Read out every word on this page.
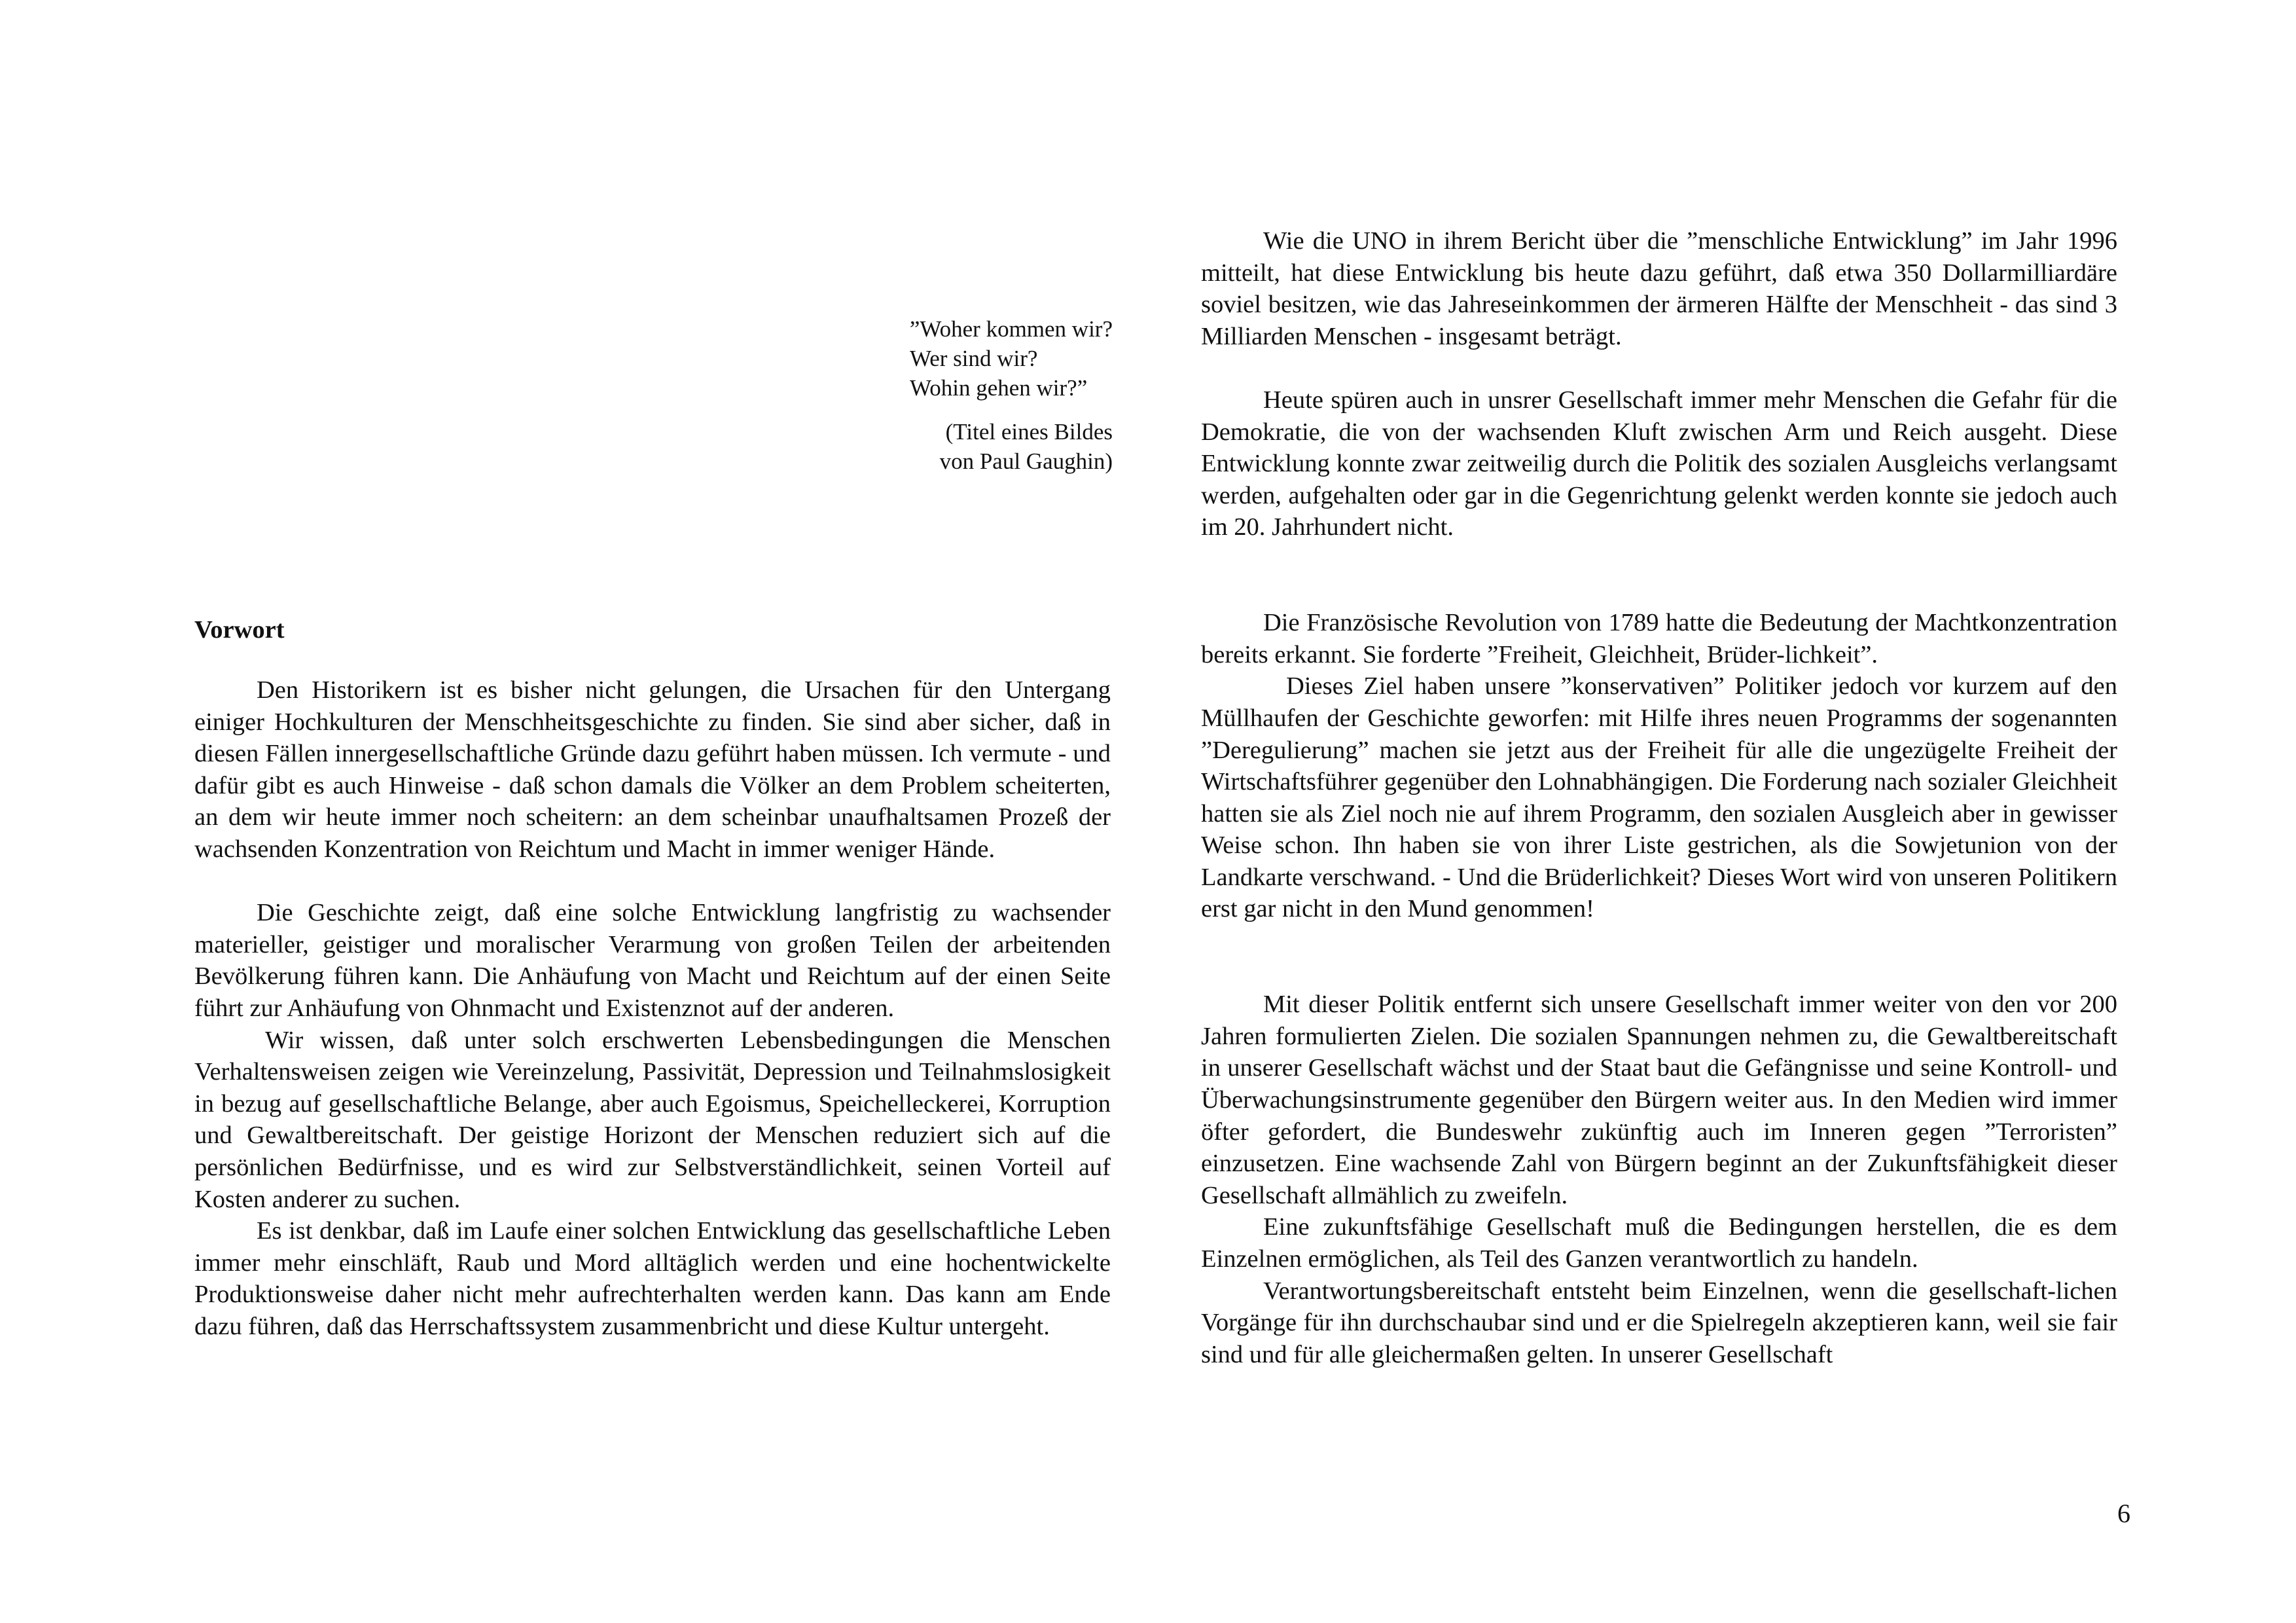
”Woher kommen wir?
Wer sind wir?
Wohin gehen wir?”
(Titel eines Bildes
von Paul Gaughin)
Vorwort

Den Historikern ist es bisher nicht gelungen, die Ursachen für den Untergang einiger Hochkulturen der Menschheitsgeschichte zu finden. Sie sind aber sicher, daß in diesen Fällen innergesellschaftliche Gründe dazu geführt haben müssen. Ich vermute - und dafür gibt es auch Hinweise - daß schon damals die Völker an dem Problem scheiterten, an dem wir heute immer noch scheitern: an dem scheinbar unaufhaltsamen Prozeß der wachsenden Konzentration von Reichtum und Macht in immer weniger Hände.

Die Geschichte zeigt, daß eine solche Entwicklung langfristig zu wachsender materieller, geistiger und moralischer Verarmung von großen Teilen der arbeitenden Bevölkerung führen kann. Die Anhäufung von Macht und Reichtum auf der einen Seite führt zur Anhäufung von Ohnmacht und Existenznot auf der anderen.

Wir wissen, daß unter solch erschwerten Lebensbedingungen die Menschen Verhaltensweisen zeigen wie Vereinzelung, Passivität, Depression und Teilnahmslosigkeit in bezug auf gesellschaftliche Belange, aber auch Egoismus, Speichelleckerei, Korruption und Gewaltbereitschaft. Der geistige Horizont der Menschen reduziert sich auf die persönlichen Bedürfnisse, und es wird zur Selbstverständlichkeit, seinen Vorteil auf Kosten anderer zu suchen.

Es ist denkbar, daß im Laufe einer solchen Entwicklung das gesellschaftliche Leben immer mehr einschläft, Raub und Mord alltäglich werden und eine hochentwickelte Produktionsweise daher nicht mehr aufrechterhalten werden kann. Das kann am Ende dazu führen, daß das Herrschaftssystem zusammenbricht und diese Kultur untergeht.

Wie die UNO in ihrem Bericht über die ”menschliche Entwicklung” im Jahr 1996 mitteilt, hat diese Entwicklung bis heute dazu geführt, daß etwa 350 Dollarmilliardäre soviel besitzen, wie das Jahreseinkommen der ärmeren Hälfte der Menschheit - das sind 3 Milliarden Menschen - insgesamt beträgt.

Heute spüren auch in unsrer Gesellschaft immer mehr Menschen die Gefahr für die Demokratie, die von der wachsenden Kluft zwischen Arm und Reich ausgeht. Diese Entwicklung konnte zwar zeitweilig durch die Politik des sozialen Ausgleichs verlangsamt werden, aufgehalten oder gar in die Gegenrichtung gelenkt werden konnte sie jedoch auch im 20. Jahrhundert nicht.

Die Französische Revolution von 1789 hatte die Bedeutung der Machtkonzentration bereits erkannt. Sie forderte ”Freiheit, Gleichheit, Brüder-lichkeit”.

Dieses Ziel haben unsere ”konservativen” Politiker jedoch vor kurzem auf den Müllhaufen der Geschichte geworfen: mit Hilfe ihres neuen Programms der sogenannten ”Deregulierung” machen sie jetzt aus der Freiheit für alle die ungezügelte Freiheit der Wirtschaftsführer gegenüber den Lohnabhängigen. Die Forderung nach sozialer Gleichheit hatten sie als Ziel noch nie auf ihrem Programm, den sozialen Ausgleich aber in gewisser Weise schon. Ihn haben sie von ihrer Liste gestrichen, als die Sowjetunion von der Landkarte verschwand. - Und die Brüderlichkeit? Dieses Wort wird von unseren Politikern erst gar nicht in den Mund genommen!

Mit dieser Politik entfernt sich unsere Gesellschaft immer weiter von den vor 200 Jahren formulierten Zielen. Die sozialen Spannungen nehmen zu, die Gewaltbereitschaft in unserer Gesellschaft wächst und der Staat baut die Gefängnisse und seine Kontroll- und Überwachungsinstrumente gegenüber den Bürgern weiter aus. In den Medien wird immer öfter gefordert, die Bundeswehr zukünftig auch im Inneren gegen ”Terroristen” einzusetzen. Eine wachsende Zahl von Bürgern beginnt an der Zukunftsfähigkeit dieser Gesellschaft allmählich zu zweifeln.

Eine zukunftsfähige Gesellschaft muß die Bedingungen herstellen, die es dem Einzelnen ermöglichen, als Teil des Ganzen verantwortlich zu handeln.

Verantwortungsbereitschaft entsteht beim Einzelnen, wenn die gesellschaft-lichen Vorgänge für ihn durchschaubar sind und er die Spielregeln akzeptieren kann, weil sie fair sind und für alle gleichermaßen gelten. In unserer Gesellschaft

6
